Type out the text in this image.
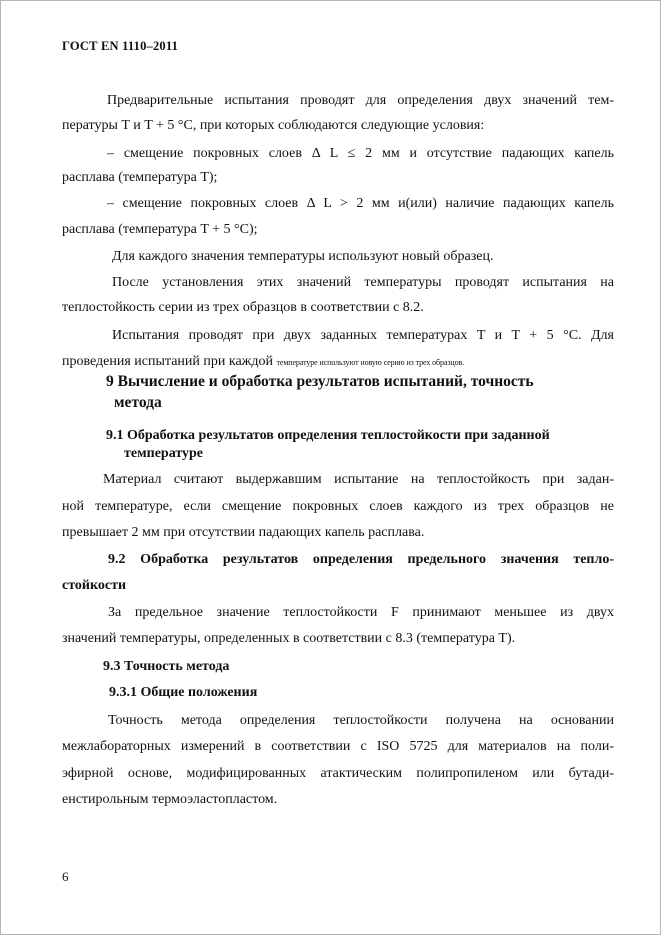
ГОСТ EN 1110–2011
Предварительные испытания проводят для определения двух значений тем-
пературы T и T + 5 °С, при которых соблюдаются следующие условия:
– смещение покровных слоев Δ L ≤ 2 мм и отсутствие падающих капель
расплава (температура T);
– смещение покровных слоев Δ L > 2 мм и(или) наличие падающих капель
расплава (температура T + 5 °С);
Для каждого значения температуры используют новый образец.
После установления этих значений температуры проводят испытания на
теплостойкость серии из трех образцов в соответствии с 8.2.
Испытания проводят при двух заданных температурах T и T + 5 °С. Для
проведения испытаний при каждой температуре используют новую серию из трех образцов.
9 Вычисление и обработка результатов испытаний, точность
метода
9.1 Обработка результатов определения теплостойкости при заданной
температуре
Материал считают выдержавшим испытание на теплостойкость при задан-
ной температуре, если смещение покровных слоев каждого из трех образцов не
превышает 2 мм при отсутствии падающих капель расплава.
9.2 Обработка результатов определения предельного значения тепло-
стойкости
За предельное значение теплостойкости F принимают меньшее из двух
значений температуры, определенных в соответствии с 8.3 (температура T).
9.3 Точность метода
9.3.1 Общие положения
Точность метода определения теплостойкости получена на основании
межлабораторных измерений в соответствии с ISO 5725 для материалов на поли-
эфирной основе, модифицированных атактическим полипропиленом или бутади-
енстирольным термоэластопластом.
6
